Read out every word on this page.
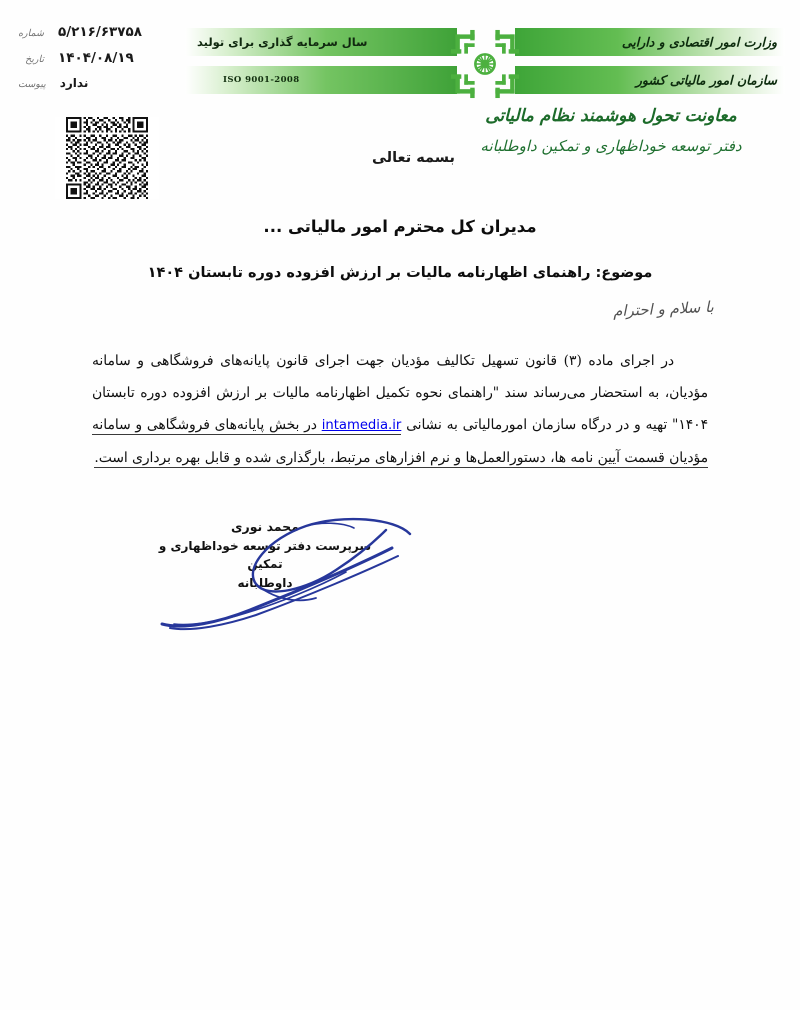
شماره ۵/۲۱۶/۶۳۷۵۸
تاریخ ۱۴۰۴/۰۸/۱۹
پیوست ندارد
وزارت امور اقتصادی و دارایی
سازمان امور مالیاتی کشور
سال سرمایه گذاری برای تولید
ISO 9001-2008
معاونت تحول هوشمند نظام مالیاتی
دفتر توسعه خوداظهاری و تمکین داوطلبانه
بسمه تعالی
مدیران کل محترم امور مالیاتی ...
موضوع: راهنمای اظهارنامه مالیات بر ارزش افزوده دوره تابستان ۱۴۰۴
با سلام و احترام
در اجرای ماده (۳) قانون تسهیل تکالیف مؤدیان جهت اجرای قانون پایانه‌های فروشگاهی و سامانه مؤدیان، به استحضار می‌رساند سند "راهنمای نحوه تکمیل اظهارنامه مالیات بر ارزش افزوده دوره تابستان ۱۴۰۴" تهیه و در درگاه سازمان امورمالیاتی به نشانی intamedia.ir در بخش پایانه‌های فروشگاهی و سامانه مؤدیان قسمت آیین نامه ها، دستورالعمل‌ها و نرم افزارهای مرتبط، بارگذاری شده و قابل بهره برداری است.
محمد نوری
سرپرست دفتر توسعه خوداظهاری و تمکین
داوطلبانه
